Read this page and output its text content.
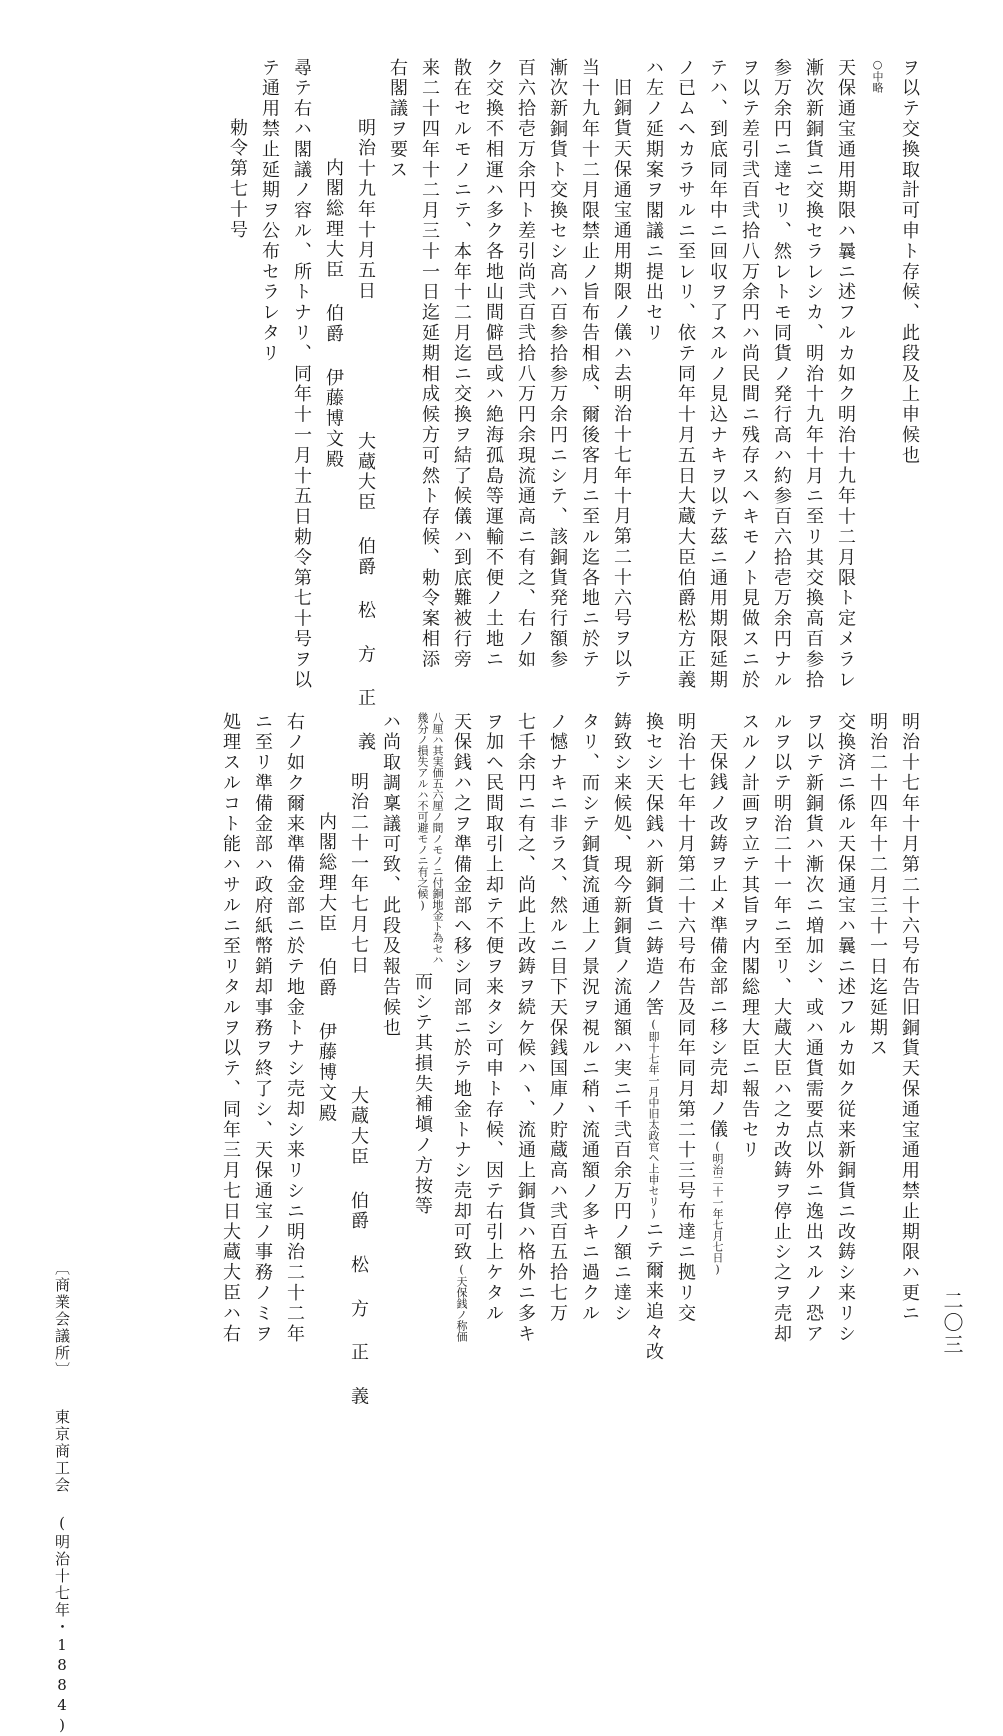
ヲ以テ交換取計可申ト存候、此段及上申候也
○中略
天保通宝通用期限ハ曩ニ述フルカ如ク明治十九年十二月限ト定メラレ
漸次新銅貨ニ交換セラレシカ、明治十九年十月ニ至リ其交換高百参拾
参万余円ニ達セリ、然レトモ同貨ノ発行高ハ約参百六拾壱万余円ナル
ヲ以テ差引弐百弐拾八万余円ハ尚民間ニ残存スヘキモノト見做スニ於
テハ、到底同年中ニ回収ヲ了スルノ見込ナキヲ以テ茲ニ通用期限延期
ノ已ムヘカラサルニ至レリ、依テ同年十月五日大蔵大臣伯爵松方正義
ハ左ノ延期案ヲ閣議ニ提出セリ
旧銅貨天保通宝通用期限ノ儀ハ去明治十七年十月第二十六号ヲ以テ
当十九年十二月限禁止ノ旨布告相成、爾後客月ニ至ル迄各地ニ於テ
漸次新銅貨ト交換セシ高ハ百参拾参万余円ニシテ、該銅貨発行額参
百六拾壱万余円ト差引尚弐百弐拾八万円余現流通高ニ有之、右ノ如
ク交換不相運ハ多ク各地山間僻邑或ハ絶海孤島等運輸不便ノ土地ニ
散在セルモノニテ、本年十二月迄ニ交換ヲ結了候儀ハ到底難被行旁
来二十四年十二月三十一日迄延期相成候方可然ト存候、勅令案相添
右閣議ヲ要ス
明治十九年十月五日大蔵大臣 伯爵 松 方 正 義
内閣総理大臣 伯爵 伊藤博文殿
尋テ右ハ閣議ノ容ル、所トナリ、同年十一月十五日勅令第七十号ヲ以
テ通用禁止延期ヲ公布セラレタリ
勅令第七十号
明治十七年十月第二十六号布告旧銅貨天保通宝通用禁止期限ハ更ニ
明治二十四年十二月三十一日迄延期ス
交換済ニ係ル天保通宝ハ曩ニ述フルカ如ク従来新銅貨ニ改鋳シ来リシ
ヲ以テ新銅貨ハ漸次ニ増加シ、或ハ通貨需要点以外ニ逸出スルノ恐ア
ルヲ以テ明治二十一年ニ至リ、大蔵大臣ハ之カ改鋳ヲ停止シ之ヲ売却
スルノ計画ヲ立テ其旨ヲ内閣総理大臣ニ報告セリ
天保銭ノ改鋳ヲ止メ準備金部ニ移シ売却ノ儀(明治二十一年七月七日)
明治十七年十月第二十六号布告及同年同月第二十三号布達ニ拠リ交
換セシ天保銭ハ新銅貨ニ鋳造ノ筈(即十七年一月中旧太政官ヘ上申セリ)ニテ爾来追々改
鋳致シ来候処、現今新銅貨ノ流通額ハ実ニ千弐百余万円ノ額ニ達シ
タリ、而シテ銅貨流通上ノ景況ヲ視ルニ稍ヽ流通額ノ多キニ過クル
ノ憾ナキニ非ラス、然ルニ目下天保銭国庫ノ貯蔵高ハ弐百五拾七万
七千余円ニ有之、尚此上改鋳ヲ続ケ候ハヽ、流通上銅貨ハ格外ニ多キ
ヲ加ヘ民間取引上却テ不便ヲ来タシ可申ト存候、因テ右引上ケタル
天保銭ハ之ヲ準備金部ヘ移シ同部ニ於テ地金トナシ売却可致(天保銭ノ称価
八厘ハ其実価五六厘ノ間ノモノニ付銅地金ト為セハ幾分ノ損失アルハ不可避モノニ有之候)而シテ其損失補塡ノ方按等
ハ尚取調稟議可致、此段及報告候也
明治二十一年七月七日大蔵大臣 伯爵 松 方 正 義
内閣総理大臣 伯爵 伊藤博文殿
右ノ如ク爾来準備金部ニ於テ地金トナシ売却シ来リシニ明治二十二年
ニ至リ準備金部ハ政府紙幣銷却事務ヲ終了シ、天保通宝ノ事務ノミヲ
処理スルコト能ハサルニ至リタルヲ以テ、同年三月七日大蔵大臣ハ右	二〇三
〔商業会議所〕東京商工会(明治十七年・1884)
